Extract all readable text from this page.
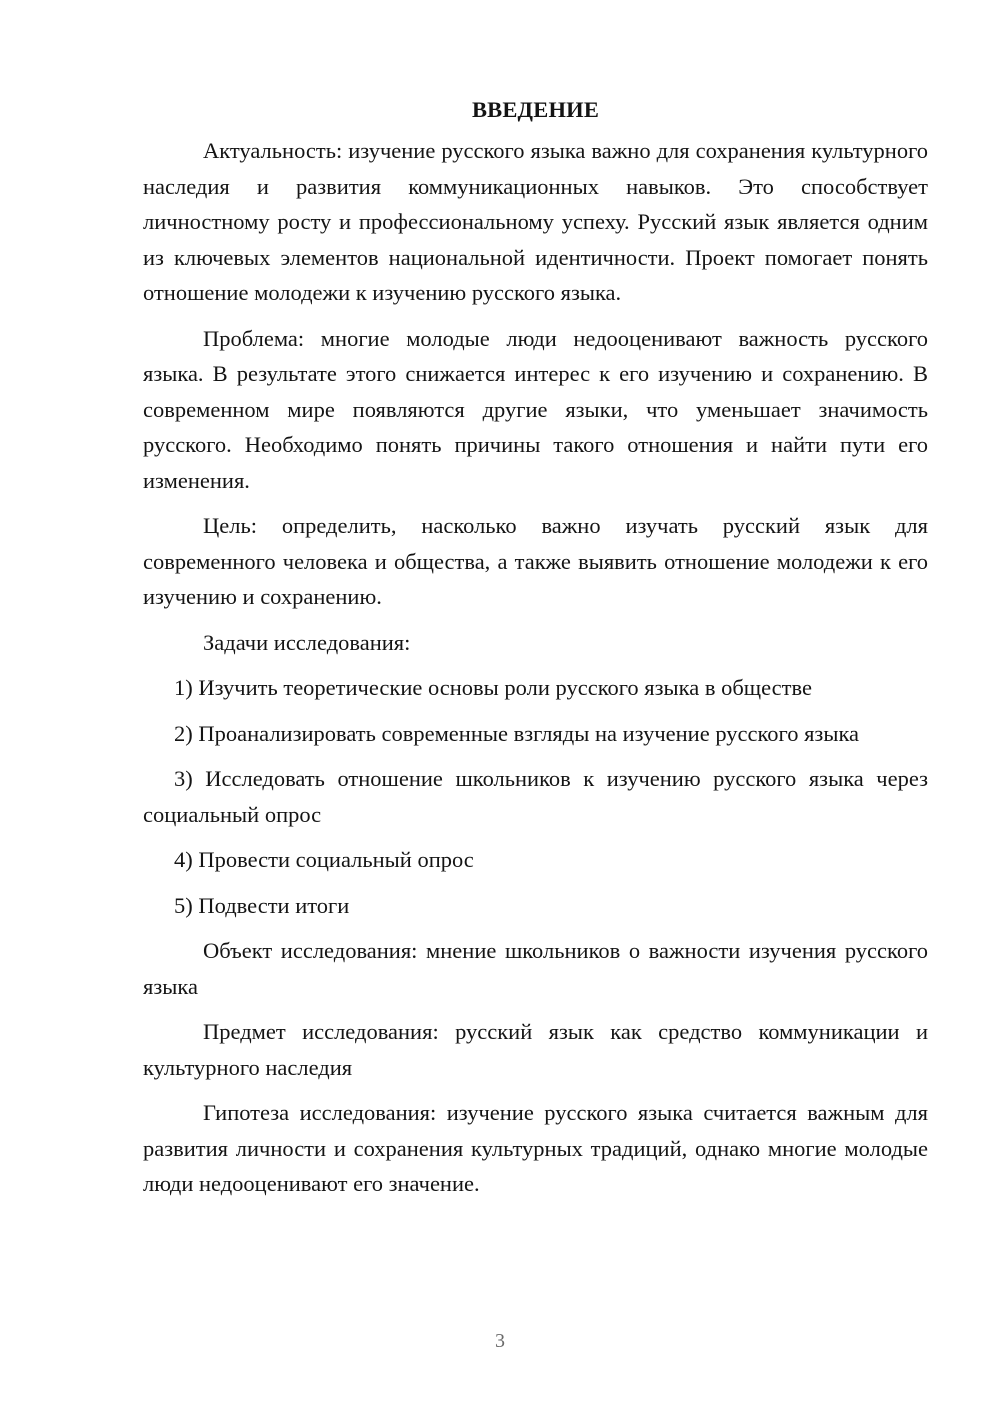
ВВЕДЕНИЕ

Актуальность: изучение русского языка важно для сохранения культурного наследия и развития коммуникационных навыков. Это способствует личностному росту и профессиональному успеху. Русский язык является одним из ключевых элементов национальной идентичности. Проект помогает понять отношение молодежи к изучению русского языка.

Проблема: многие молодые люди недооценивают важность русского языка. В результате этого снижается интерес к его изучению и сохранению. В современном мире появляются другие языки, что уменьшает значимость русского. Необходимо понять причины такого отношения и найти пути его изменения.

Цель: определить, насколько важно изучать русский язык для современного человека и общества, а также выявить отношение молодежи к его изучению и сохранению.

Задачи исследования:

1) Изучить теоретические основы роли русского языка в обществе

2) Проанализировать современные взгляды на изучение русского языка

3) Исследовать отношение школьников к изучению русского языка через социальный опрос

4) Провести социальный опрос

5) Подвести итоги

Объект исследования: мнение школьников о важности изучения русского языка

Предмет исследования: русский язык как средство коммуникации и культурного наследия

Гипотеза исследования: изучение русского языка считается важным для развития личности и сохранения культурных традиций, однако многие молодые люди недооценивают его значение.

3
